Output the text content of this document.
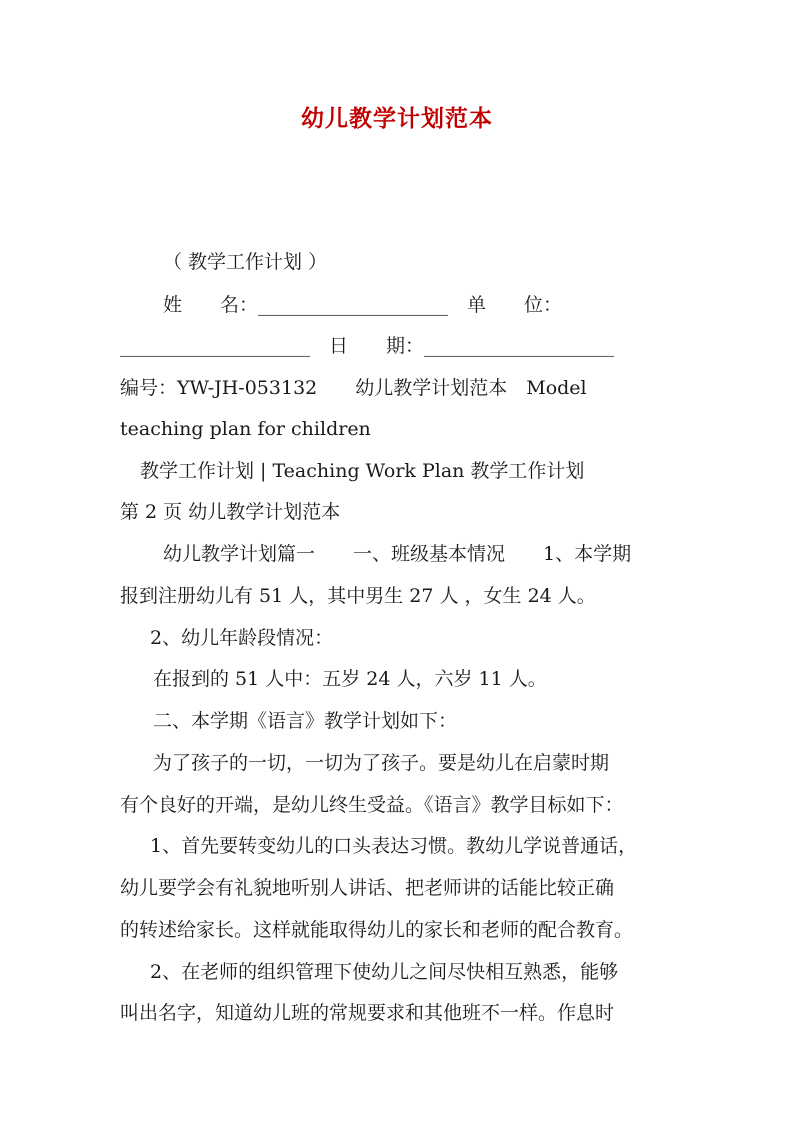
幼儿教学计划范本
（ 教学工作计划 ）
姓　　名：____________________　单　　位：
____________________　日　　期：____________________
编号：YW-JH-053132　　幼儿教学计划范本　Model
teaching plan for children
教学工作计划 | Teaching Work Plan 教学工作计划
第 2 页 幼儿教学计划范本
幼儿教学计划篇一　　一、班级基本情况　　1、本学期
报到注册幼儿有 51 人，其中男生 27 人 ，女生 24 人。
2、幼儿年龄段情况：
在报到的 51 人中：五岁 24 人，六岁 11 人。
二、本学期《语言》教学计划如下：
为了孩子的一切，一切为了孩子。要是幼儿在启蒙时期
有个良好的开端，是幼儿终生受益。《语言》教学目标如下：
1、首先要转变幼儿的口头表达习惯。教幼儿学说普通话，
幼儿要学会有礼貌地听别人讲话、把老师讲的话能比较正确
的转述给家长。这样就能取得幼儿的家长和老师的配合教育。
2、在老师的组织管理下使幼儿之间尽快相互熟悉，能够
叫出名字，知道幼儿班的常规要求和其他班不一样。作息时
